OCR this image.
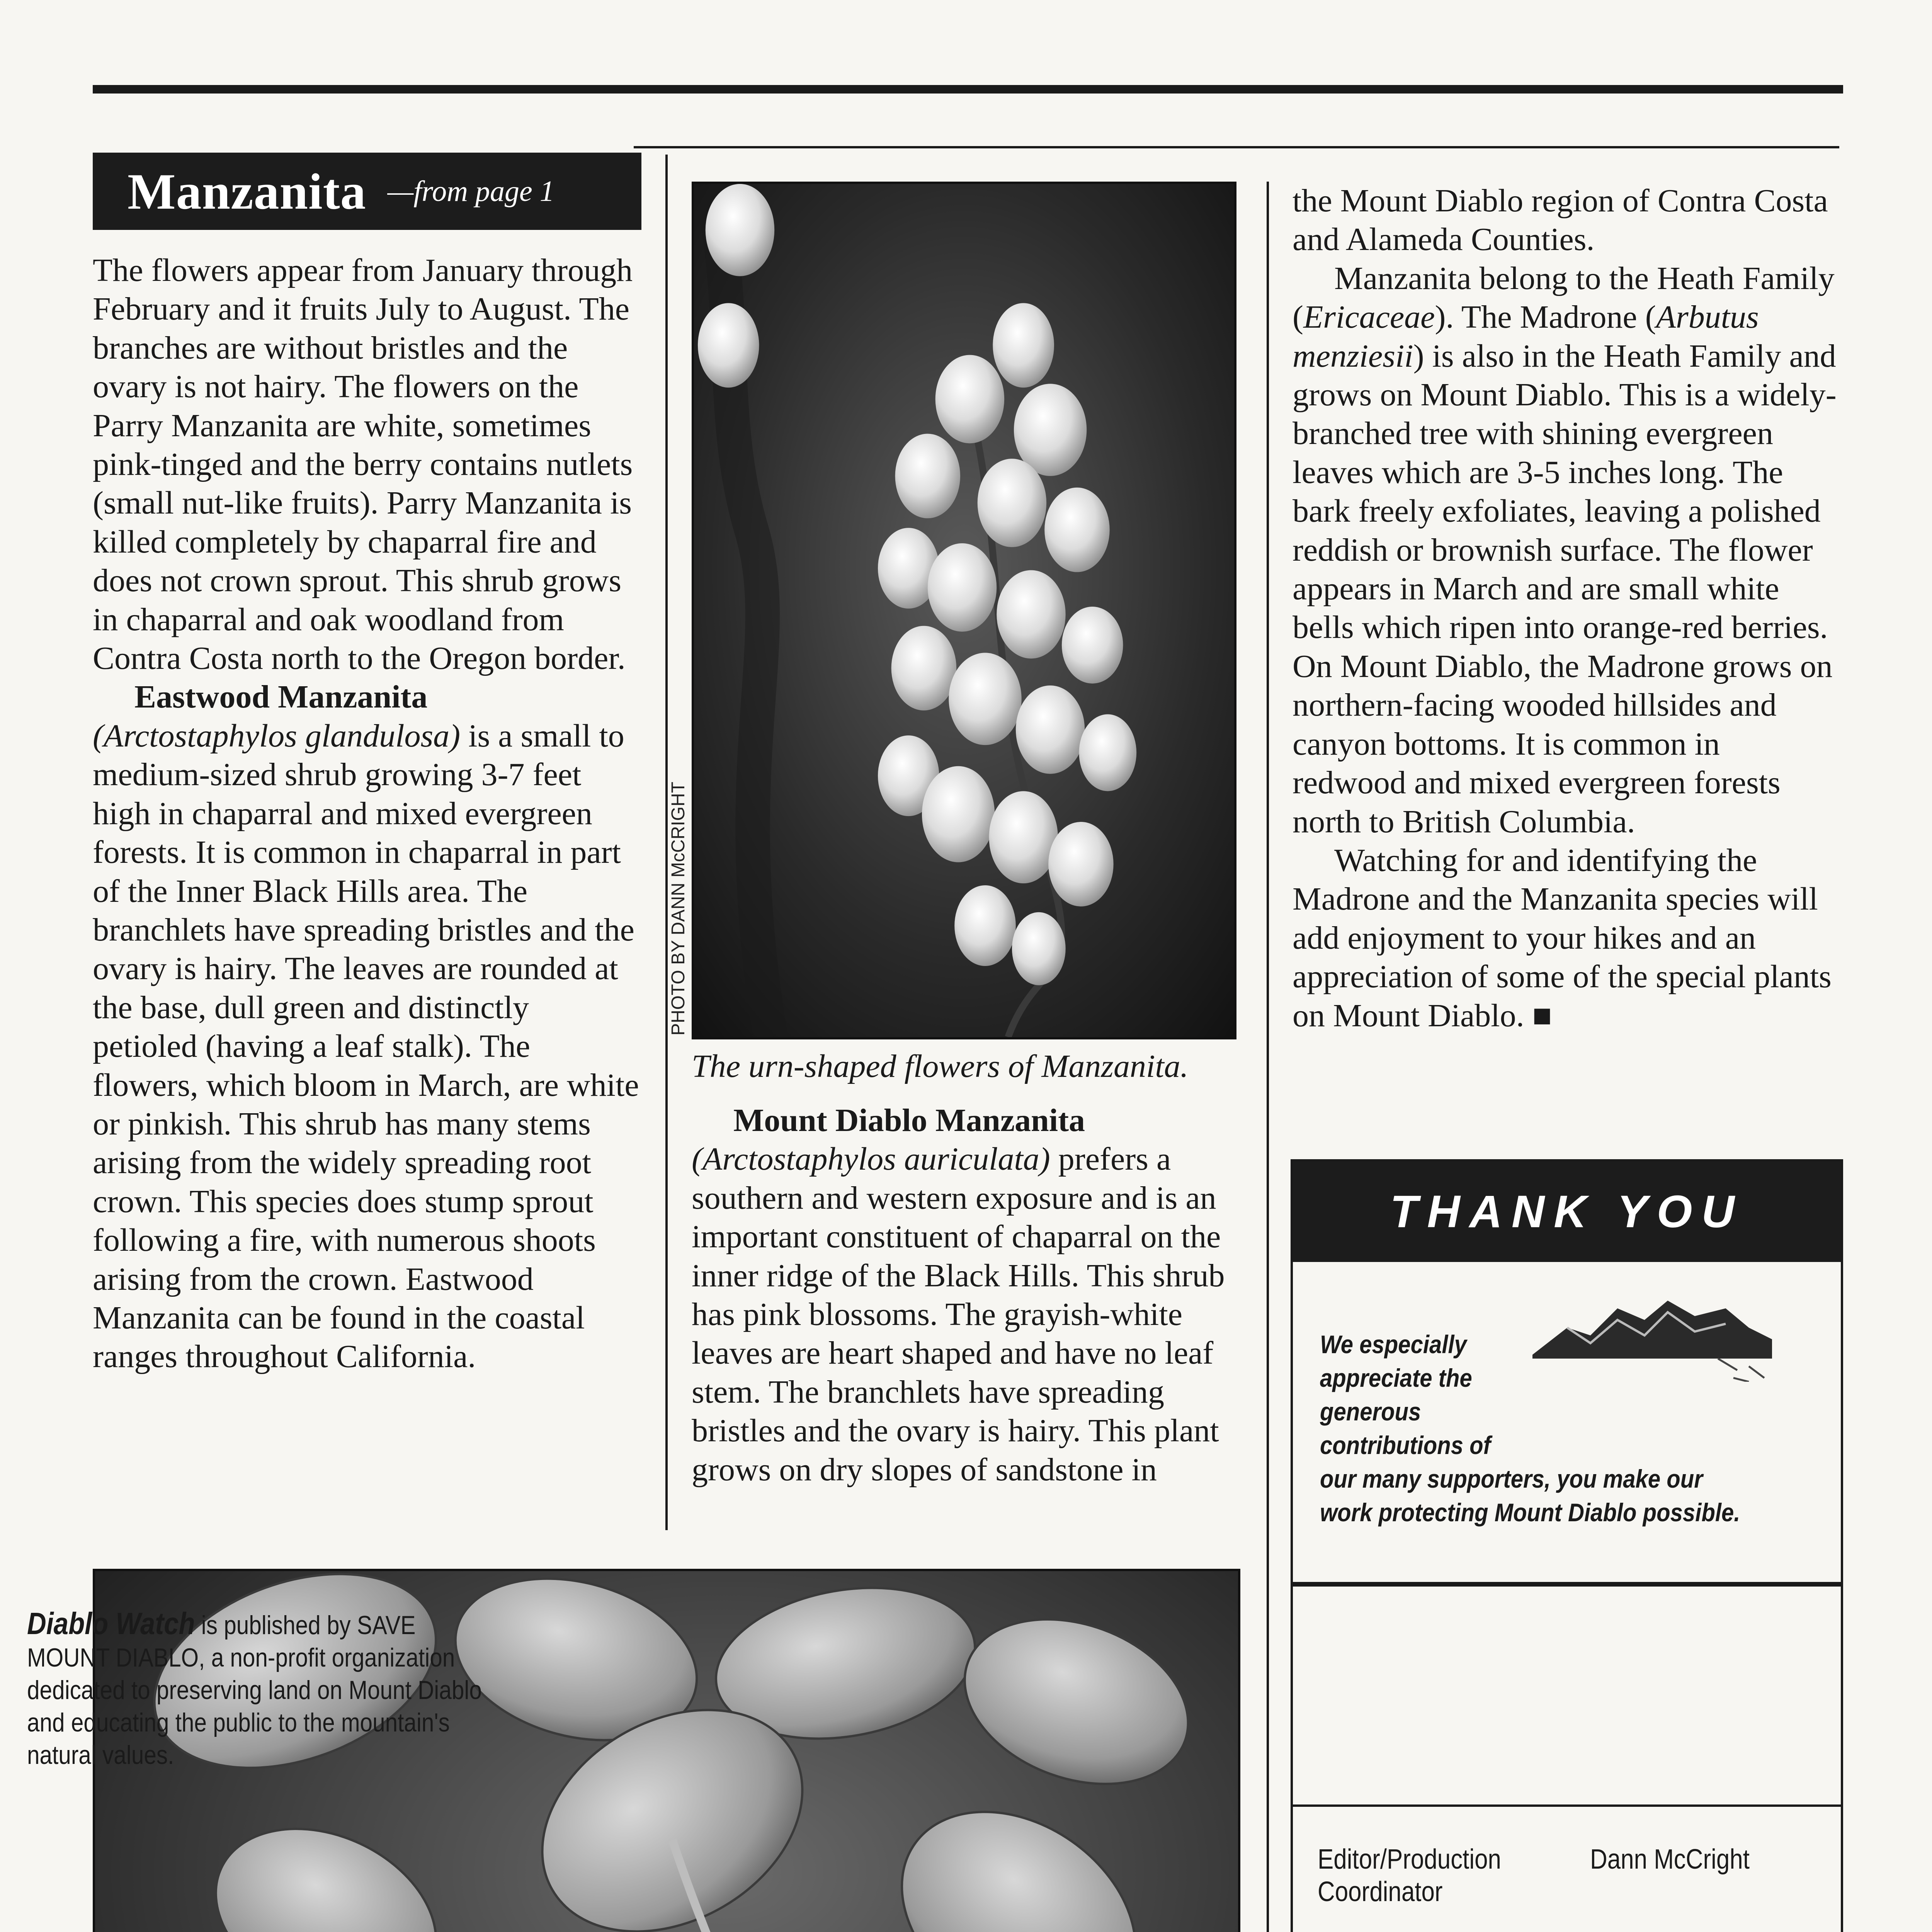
Manzanita —from page 1

The flowers appear from January through February and it fruits July to August. The branches are without bristles and the ovary is not hairy. The flowers on the Parry Manzanita are white, sometimes pink-tinged and the berry contains nutlets (small nut-like fruits). Parry Manzanita is killed completely by chaparral fire and does not crown sprout. This shrub grows in chaparral and oak woodland from Contra Costa north to the Oregon border.

Eastwood Manzanita
(Arctostaphylos glandulosa) is a small to medium-sized shrub growing 3-7 feet high in chaparral and mixed evergreen forests. It is common in chaparral in part of the Inner Black Hills area. The branchlets have spreading bristles and the ovary is hairy. The leaves are rounded at the base, dull green and distinctly petioled (having a leaf stalk). The flowers, which bloom in March, are white or pinkish. This shrub has many stems arising from the widely spreading root crown. This species does stump sprout following a fire, with numerous shoots arising from the crown. Eastwood Manzanita can be found in the coastal ranges throughout California.

PHOTO BY DANN McCRIGHT
The urn-shaped flowers of Manzanita.

Mount Diablo Manzanita
(Arctostaphylos auriculata) prefers a southern and western exposure and is an important constituent of chaparral on the inner ridge of the Black Hills. This shrub has pink blossoms. The grayish-white leaves are heart shaped and have no leaf stem. The branchlets have spreading bristles and the ovary is hairy. This plant grows on dry slopes of sandstone in

the Mount Diablo region of Contra Costa and Alameda Counties.

Manzanita belong to the Heath Family (Ericaceae). The Madrone (Arbutus menziesii) is also in the Heath Family and grows on Mount Diablo. This is a widely-branched tree with shining evergreen leaves which are 3-5 inches long. The bark freely exfoliates, leaving a polished reddish or brownish surface. The flower appears in March and are small white bells which ripen into orange-red berries. On Mount Diablo, the Madrone grows on northern-facing wooded hillsides and canyon bottoms. It is common in redwood and mixed evergreen forests north to British Columbia.

Watching for and identifying the Madrone and the Manzanita species will add enjoyment to your hikes and an appreciation of some of the special plants on Mount Diablo. ■

THANK YOU
We especially
appreciate the
generous
contributions of
our many supporters, you make our
work protecting Mount Diablo possible.
Diablo Watch is published by SAVE MOUNT DIABLO, a non-profit organization dedicated to preserving land on Mount Diablo and educating the public to the mountain's natural values.
Editor/Production Coordinator
Dann McCright
